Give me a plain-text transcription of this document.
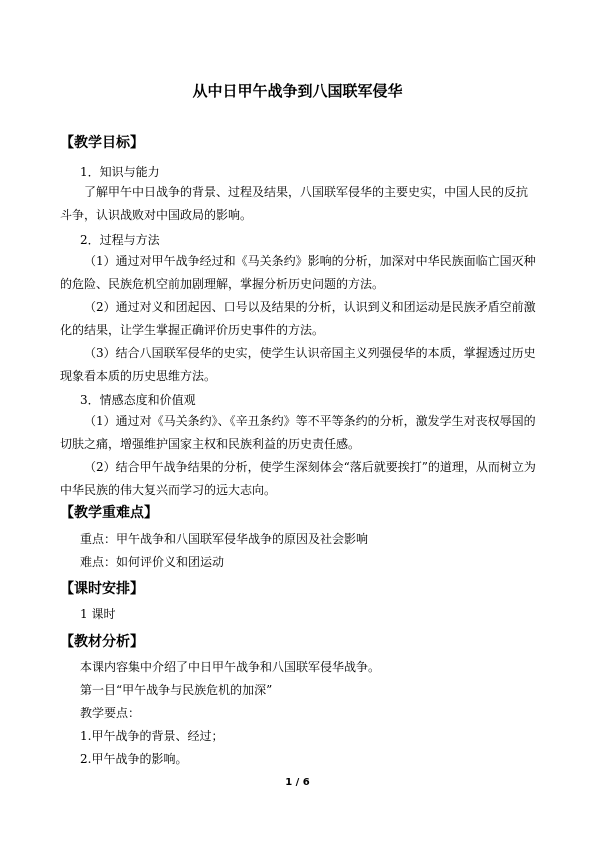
从中日甲午战争到八国联军侵华
【教学目标】
1．知识与能力
了解甲午中日战争的背景、过程及结果，八国联军侵华的主要史实，中国人民的反抗斗争，认识战败对中国政局的影响。
2．过程与方法
（1）通过对甲午战争经过和《马关条约》影响的分析，加深对中华民族面临亡国灭种的危险、民族危机空前加剧理解，掌握分析历史问题的方法。
（2）通过对义和团起因、口号以及结果的分析，认识到义和团运动是民族矛盾空前激化的结果，让学生掌握正确评价历史事件的方法。
（3）结合八国联军侵华的史实，使学生认识帝国主义列强侵华的本质，掌握透过历史现象看本质的历史思维方法。
3．情感态度和价值观
（1）通过对《马关条约》、《辛丑条约》等不平等条约的分析，激发学生对丧权辱国的切肤之痛，增强维护国家主权和民族利益的历史责任感。
（2）结合甲午战争结果的分析，使学生深刻体会“落后就要挨打”的道理，从而树立为中华民族的伟大复兴而学习的远大志向。
【教学重难点】
重点：甲午战争和八国联军侵华战争的原因及社会影响
难点：如何评价义和团运动
【课时安排】
1 课时
【教材分析】
本课内容集中介绍了中日甲午战争和八国联军侵华战争。
第一目“甲午战争与民族危机的加深”
教学要点：
1.甲午战争的背景、经过；
2.甲午战争的影响。
1 / 6
